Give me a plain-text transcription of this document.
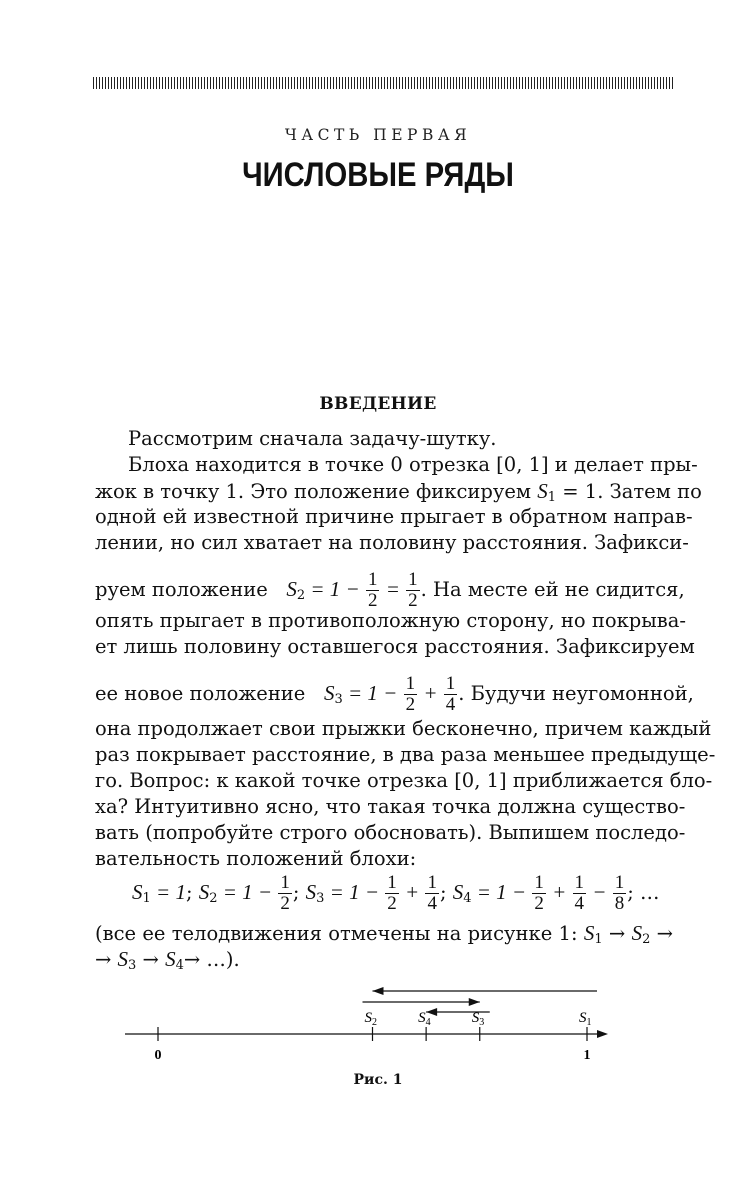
ЧАСТЬ ПЕРВАЯ
ЧИСЛОВЫЕ РЯДЫ
ВВЕДЕНИЕ
Рассмотрим сначала задачу-шутку.
Блоха находится в точке 0 отрезка [0, 1] и делает пры-
жок в точку 1. Это положение фиксируем $S_1 = 1$. Затем по
одной ей известной причине прыгает в обратном направ-
лении, но сил хватает на половину расстояния. Зафикси-
руем положение $S_2 = 1 - \frac{1}{2} = \frac{1}{2}$ . На месте ей не сидится,
опять прыгает в противоположную сторону, но покрыва-
ет лишь половину оставшегося расстояния. Зафиксируем
ее новое положение $S_3 = 1 - \frac{1}{2} + \frac{1}{4}$ . Будучи неугомонной,
она продолжает свои прыжки бесконечно, причем каждый
раз покрывает расстояние, в два раза меньшее предыдуще-
го. Вопрос: к какой точке отрезка [0, 1] приближается бло-
ха? Интуитивно ясно, что такая точка должна существо-
вать (попробуйте строго обосновать). Выпишем последо-
вательность положений блохи:
$S_1 = 1$; $S_2 = 1 - \frac{1}{2}$ ; $S_3 = 1 - \frac{1}{2} + \frac{1}{4}$ ; $S_4 = 1 - \frac{1}{2} + \frac{1}{4} - \frac{1}{8}$ ; …
(все ее телодвижения отмечены на рисунке 1: $S_1 \to S_2$ →
→ $S_3 \to S_4\to$ …).
0	1
$S_1$
$S_2$	$S_3$
$S_4$
Рис. 1
